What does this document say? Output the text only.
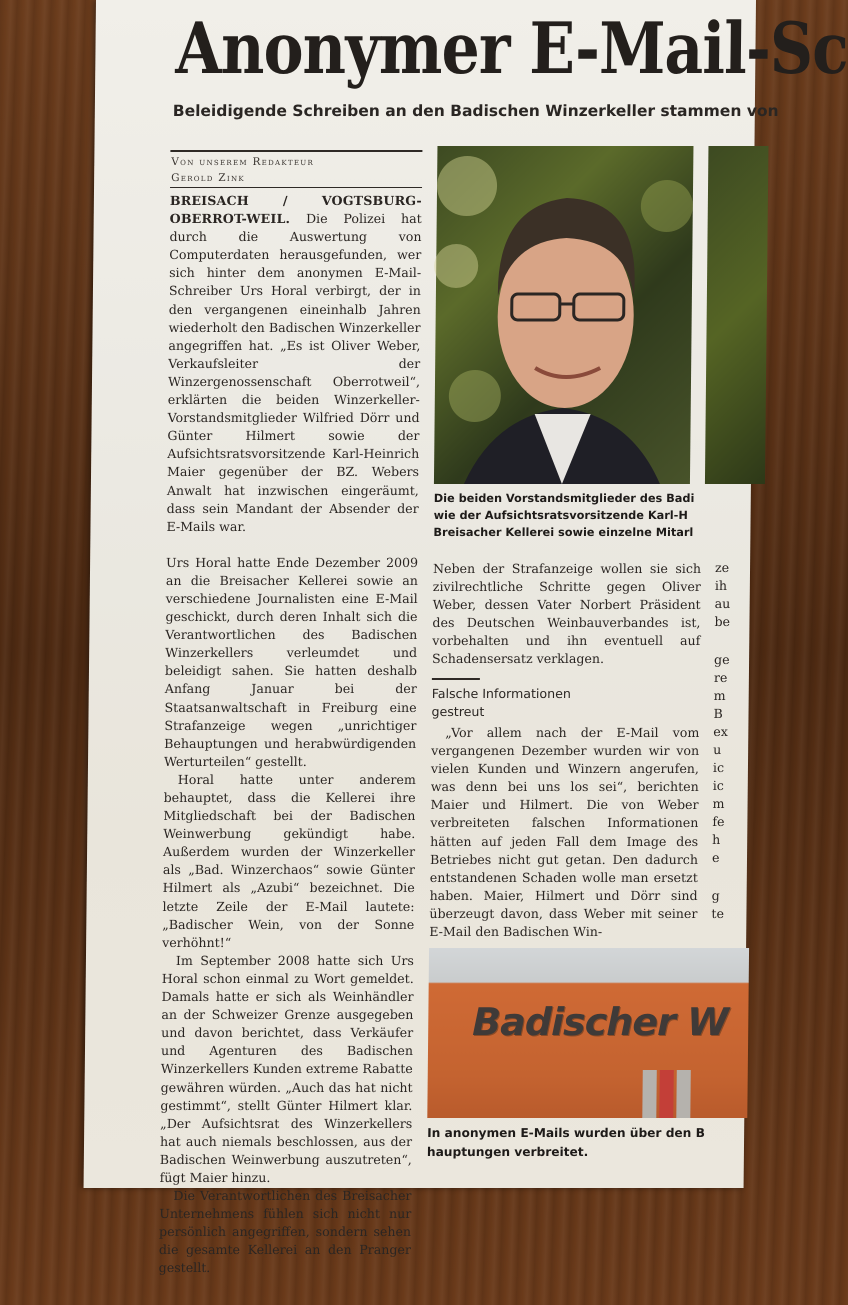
Anonymer E-Mail-Sc
Beleidigende Schreiben an den Badischen Winzerkeller stammen von
Von unserem Redakteur
Gerold Zink

BREISACH / VOGTSBURG-OBERROT-WEIL. Die Polizei hat durch die Auswertung von Computerdaten herausgefunden, wer sich hinter dem anonymen E-Mail-Schreiber Urs Horal verbirgt, der in den vergangenen eineinhalb Jahren wiederholt den Badischen Winzerkeller angegriffen hat. „Es ist Oliver Weber, Verkaufsleiter der Winzergenossenschaft Oberrotweil“, erklärten die beiden Winzerkeller-Vorstandsmitglieder Wilfried Dörr und Günter Hilmert sowie der Aufsichtsratsvorsitzende Karl-Heinrich Maier gegenüber der BZ. Webers Anwalt hat inzwischen eingeräumt, dass sein Mandant der Absender der E-Mails war.

Urs Horal hatte Ende Dezember 2009 an die Breisacher Kellerei sowie an verschiedene Journalisten eine E-Mail geschickt, durch deren Inhalt sich die Verantwortlichen des Badischen Winzerkellers verleumdet und beleidigt sahen. Sie hatten deshalb Anfang Januar bei der Staatsanwaltschaft in Freiburg eine Strafanzeige wegen „unrichtiger Behauptungen und herabwürdigenden Werturteilen“ gestellt.

Horal hatte unter anderem behauptet, dass die Kellerei ihre Mitgliedschaft bei der Badischen Weinwerbung gekündigt habe. Außerdem wurden der Winzerkeller als „Bad. Winzerchaos“ sowie Günter Hilmert als „Azubi“ bezeichnet. Die letzte Zeile der E-Mail lautete: „Badischer Wein, von der Sonne verhöhnt!“

Im September 2008 hatte sich Urs Horal schon einmal zu Wort gemeldet. Damals hatte er sich als Weinhändler an der Schweizer Grenze ausgegeben und davon berichtet, dass Verkäufer und Agenturen des Badischen Winzerkellers Kunden extreme Rabatte gewähren würden. „Auch das hat nicht gestimmt“, stellt Günter Hilmert klar. „Der Aufsichtsrat des Winzerkellers hat auch niemals beschlossen, aus der Badischen Weinwerbung auszutreten“, fügt Maier hinzu.

Die Verantwortlichen des Breisacher Unternehmens fühlen sich nicht nur persönlich angegriffen, sondern sehen die gesamte Kellerei an den Pranger gestellt.

Die beiden Vorstandsmitglieder des Badi
wie der Aufsichtsratsvorsitzende Karl-H
Breisacher Kellerei sowie einzelne Mitarl

Neben der Strafanzeige wollen sie sich zivilrechtliche Schritte gegen Oliver Weber, dessen Vater Norbert Präsident des Deutschen Weinbauverbandes ist, vorbehalten und ihn eventuell auf Schadensersatz verklagen.

Falsche Informationen
gestreut

„Vor allem nach der E-Mail vom vergangenen Dezember wurden wir von vielen Kunden und Winzern angerufen, was denn bei uns los sei“, berichten Maier und Hilmert. Die von Weber verbreiteten falschen Informationen hätten auf jeden Fall dem Image des Betriebes nicht gut getan. Den dadurch entstandenen Schaden wolle man ersetzt haben. Maier, Hilmert und Dörr sind überzeugt davon, dass Weber mit seiner E-Mail den Badischen Win-

ze
ih
au
be
ge
re
m
B
ex
u
ic
ic
m
fe
h
e
g
te
Badischer W
In anonymen E-Mails wurden über den B
hauptungen verbreitet.
